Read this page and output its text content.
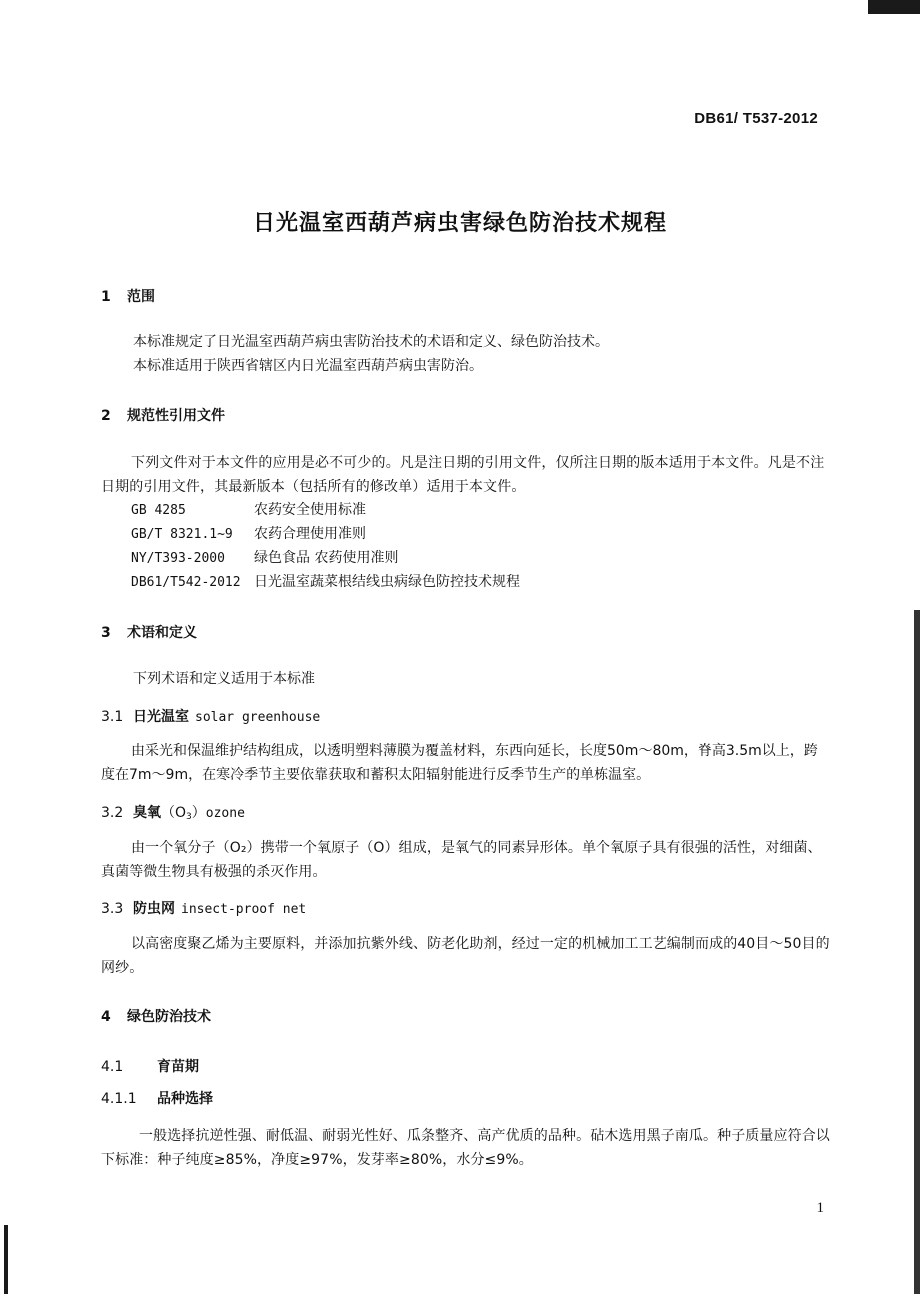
DB61/ T537-2012
日光温室西葫芦病虫害绿色防治技术规程
1 范围
本标准规定了日光温室西葫芦病虫害防治技术的术语和定义、绿色防治技术。
本标准适用于陕西省辖区内日光温室西葫芦病虫害防治。
2 规范性引用文件
下列文件对于本文件的应用是必不可少的。凡是注日期的引用文件，仅所注日期的版本适用于本文件。凡是不注日期的引用文件，其最新版本（包括所有的修改单）适用于本文件。
GB 4285	农药安全使用标准
GB/T 8321.1~9 农药合理使用准则
NY/T393-2000 绿色食品 农药使用准则
DB61/T542-2012 日光温室蔬菜根结线虫病绿色防控技术规程
3 术语和定义
下列术语和定义适用于本标准
3.1 日光温室 solar greenhouse
由采光和保温维护结构组成，以透明塑料薄膜为覆盖材料，东西向延长，长度50m～80m，脊高3.5m以上，跨度在7m～9m，在寒冷季节主要依靠获取和蓄积太阳辐射能进行反季节生产的单栋温室。
3.2 臭氧$(O_3)ozone$
由一个氧分子（O₂）携带一个氧原子（O）组成，是氧气的同素异形体。单个氧原子具有很强的活性，对细菌、真菌等微生物具有极强的杀灭作用。
3.3 防虫网 insect-proof net
以高密度聚乙烯为主要原料，并添加抗紫外线、防老化助剂，经过一定的机械加工工艺编制而成的40目～50目的网纱。
4 绿色防治技术
4.1 育苗期
4.1.1 品种选择
一般选择抗逆性强、耐低温、耐弱光性好、瓜条整齐、高产优质的品种。砧木选用黑子南瓜。种子质量应符合以下标准：种子纯度≥85%，净度≥97%，发芽率≥80%，水分≤9%。
1
